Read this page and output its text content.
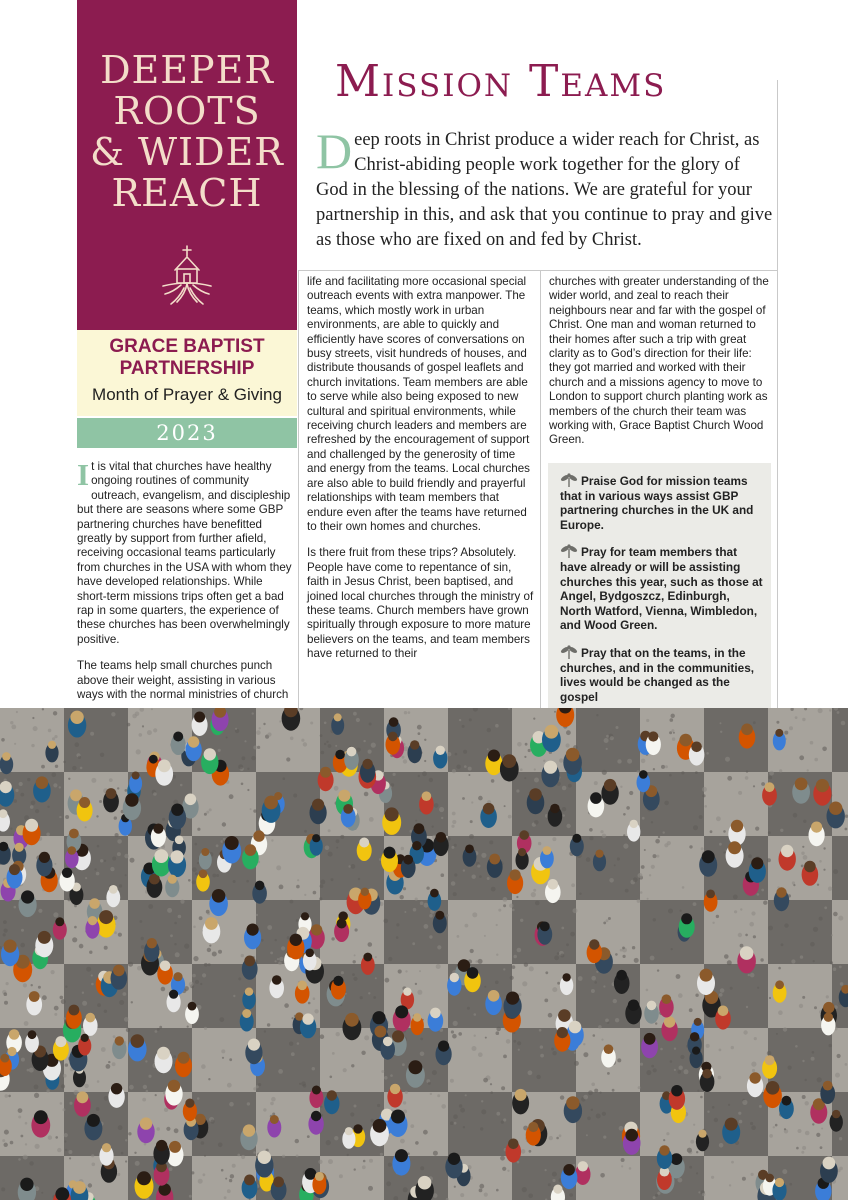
DEEPER
ROOTS
& WIDER
REACH
GRACE BAPTIST
PARTNERSHIP
Month of Prayer & Giving
2023
Mission Teams
Deep roots in Christ produce a wider reach for Christ, as Christ-abiding people work together for the glory of God in the blessing of the nations. We are grateful for your partnership in this, and ask that you continue to pray and give as those who are fixed on and fed by Christ.

It is vital that churches have healthy ongoing routines of community outreach, evangelism, and discipleship but there are seasons where some GBP partnering churches have benefitted greatly by support from further afield, receiving occasional teams particularly from churches in the USA with whom they have developed relationships. While short-term missions trips often get a bad rap in some quarters, the experience of these churches has been overwhelmingly positive.

The teams help small churches punch above their weight, assisting in various ways with the normal ministries of church

life and facilitating more occasional special outreach events with extra manpower. The teams, which mostly work in urban environments, are able to quickly and efficiently have scores of conversations on busy streets, visit hundreds of houses, and distribute thousands of gospel leaflets and church invitations. Team members are able to serve while also being exposed to new cultural and spiritual environments, while receiving church leaders and members are refreshed by the encouragement of support and challenged by the generosity of time and energy from the teams. Local churches are also able to build friendly and prayerful relationships with team members that endure even after the teams have returned to their own homes and churches.

Is there fruit from these trips? Absolutely. People have come to repentance of sin, faith in Jesus Christ, been baptised, and joined local churches through the ministry of these teams. Church members have grown spiritually through exposure to more mature believers on the teams, and team members have returned to their

churches with greater understanding of the wider world, and zeal to reach their neighbours near and far with the gospel of Christ. One man and woman returned to their homes after such a trip with great clarity as to God’s direction for their life: they got married and worked with their church and a missions agency to move to London to support church planting work as members of the church their team was working with, Grace Baptist Church Wood Green.

Praise God for mission teams that in various ways assist GBP partnering churches in the UK and Europe.
Pray for team members that have already or will be assisting churches this year, such as those at Angel, Bydgoszcz, Edinburgh, North Watford, Vienna, Wimbledon, and Wood Green.
Pray that on the teams, in the churches, and in the communities, lives would be changed as the gospel
